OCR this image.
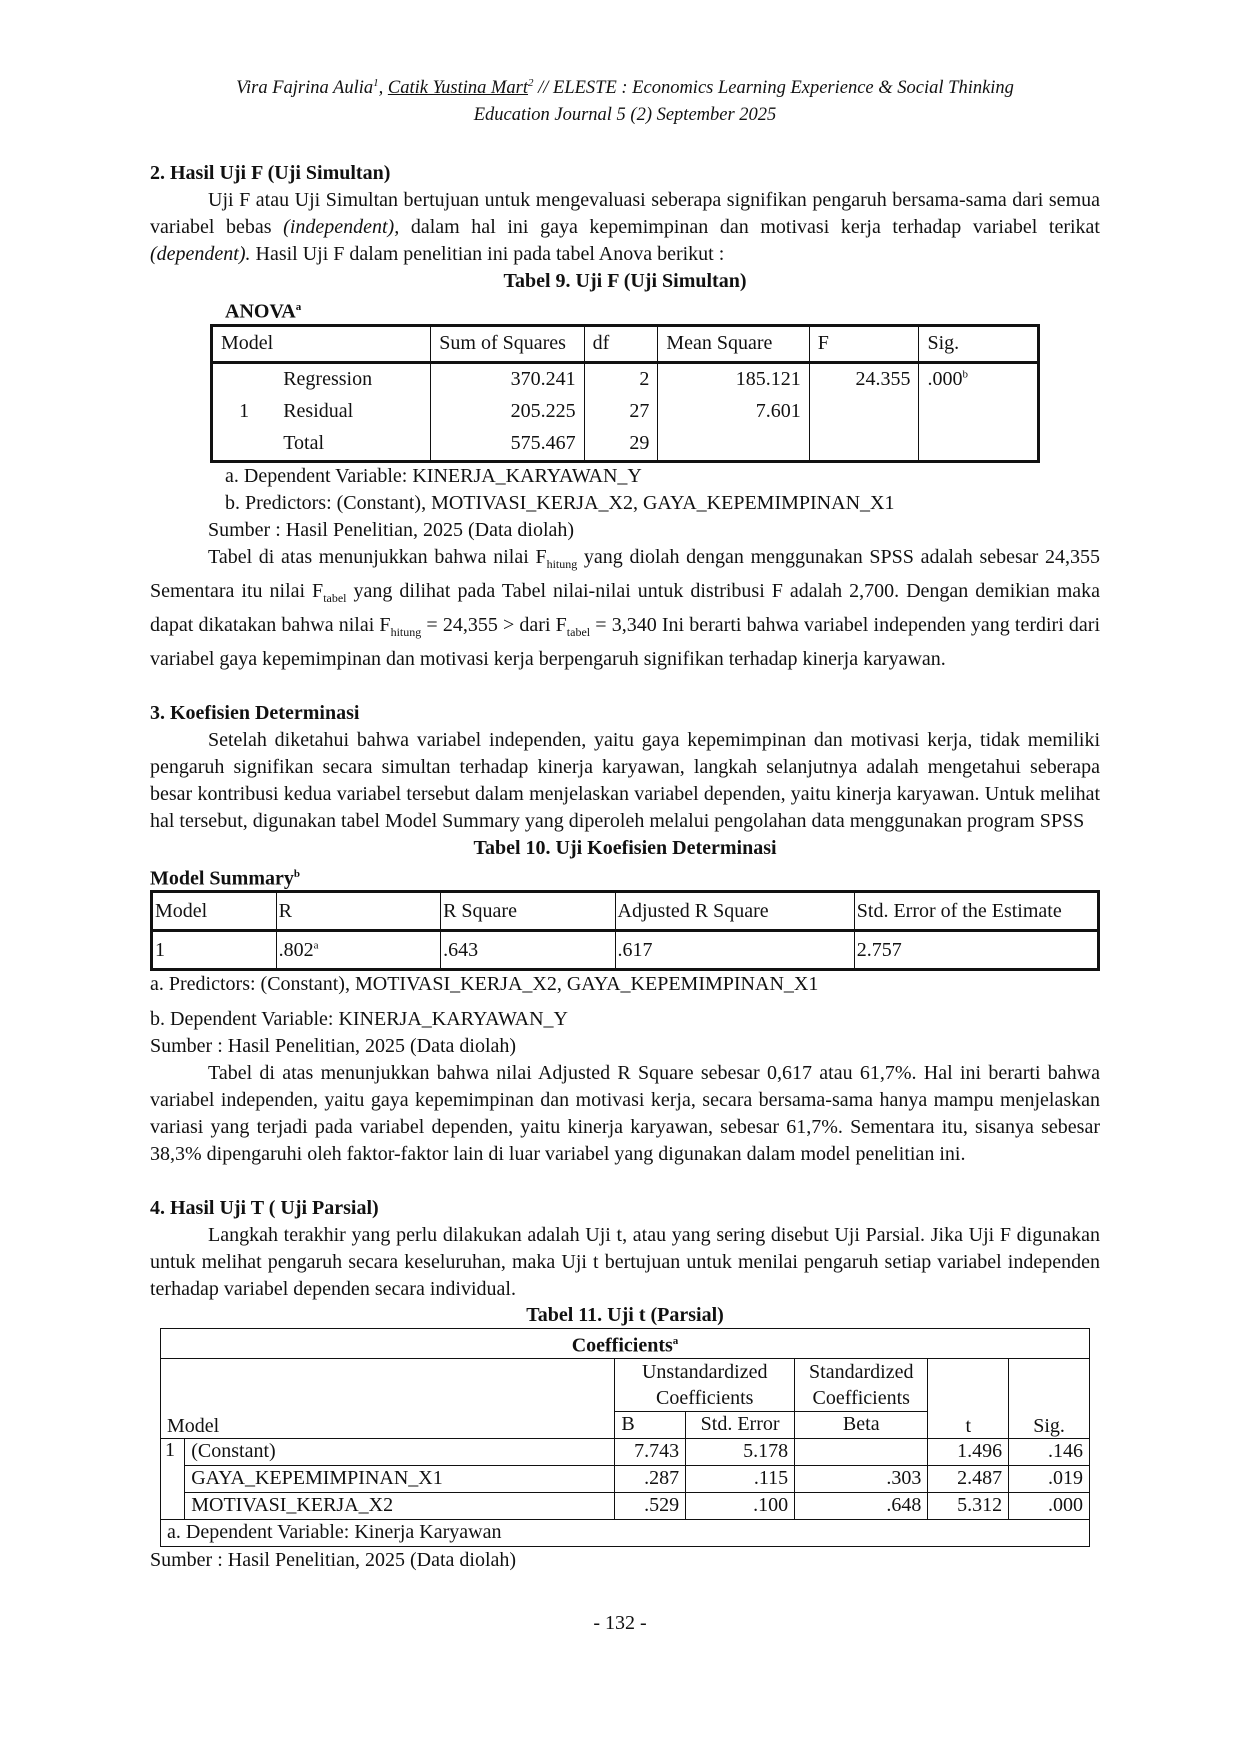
Vira Fajrina Aulia$^1$, Catik Yustina Mart$^2$ // ELESTE : Economics Learning Experience & Social Thinking
Education Journal 5 (2) September 2025
2. Hasil Uji F (Uji Simultan)

Uji F atau Uji Simultan bertujuan untuk mengevaluasi seberapa signifikan pengaruh bersama-sama dari semua variabel bebas (independent), dalam hal ini gaya kepemimpinan dan motivasi kerja terhadap variabel terikat (dependent). Hasil Uji F dalam penelitian ini pada tabel Anova berikut :

Tabel 9. Uji F (Uji Simultan)
ANOVA$^a$
Model		Sum of Squares	df	Mean Square	F	Sig.
1	Regression	370.241	2	185.121	24.355	.000$^b$
	Residual	205.225	27	7.601		
	Total	575.467	29			
a. Dependent Variable: KINERJA_KARYAWAN_Y
b. Predictors: (Constant), MOTIVASI_KERJA_X2, GAYA_KEPEMIMPINAN_X1
Sumber : Hasil Penelitian, 2025 (Data diolah)

Tabel di atas menunjukkan bahwa nilai $F_{hitung}$ yang diolah dengan menggunakan SPSS adalah sebesar 24,355 Sementara itu nilai $F_{tabel}$ yang dilihat pada Tabel nilai-nilai untuk distribusi F adalah 2,700. Dengan demikian maka dapat dikatakan bahwa nilai $F_{hitung} = 24,355$ > dari $F_{tabel} = 3,340$ Ini berarti bahwa variabel independen yang terdiri dari variabel gaya kepemimpinan dan motivasi kerja berpengaruh signifikan terhadap kinerja karyawan.

3. Koefisien Determinasi

Setelah diketahui bahwa variabel independen, yaitu gaya kepemimpinan dan motivasi kerja, tidak memiliki pengaruh signifikan secara simultan terhadap kinerja karyawan, langkah selanjutnya adalah mengetahui seberapa besar kontribusi kedua variabel tersebut dalam menjelaskan variabel dependen, yaitu kinerja karyawan. Untuk melihat hal tersebut, digunakan tabel Model Summary yang diperoleh melalui pengolahan data menggunakan program SPSS

Tabel 10. Uji Koefisien Determinasi
Model Summary$^b$
Model	R	R Square	Adjusted R Square	Std. Error of the Estimate
1	.802$^a$	.643	.617	2.757
a. Predictors: (Constant), MOTIVASI_KERJA_X2, GAYA_KEPEMIMPINAN_X1
b. Dependent Variable: KINERJA_KARYAWAN_Y
Sumber : Hasil Penelitian, 2025 (Data diolah)

Tabel di atas menunjukkan bahwa nilai Adjusted R Square sebesar 0,617 atau 61,7%. Hal ini berarti bahwa variabel independen, yaitu gaya kepemimpinan dan motivasi kerja, secara bersama-sama hanya mampu menjelaskan variasi yang terjadi pada variabel dependen, yaitu kinerja karyawan, sebesar 61,7%. Sementara itu, sisanya sebesar 38,3% dipengaruhi oleh faktor-faktor lain di luar variabel yang digunakan dalam model penelitian ini.

4. Hasil Uji T ( Uji Parsial)

Langkah terakhir yang perlu dilakukan adalah Uji t, atau yang sering disebut Uji Parsial. Jika Uji F digunakan untuk melihat pengaruh secara keseluruhan, maka Uji t bertujuan untuk menilai pengaruh setiap variabel independen terhadap variabel dependen secara individual.

Tabel 11. Uji t (Parsial)
Coefficients$^a$
Model		Unstandardized Coefficients		Standardized Coefficients	t	Sig.
		B	Std. Error	Beta		
1	(Constant)	7.743	5.178		1.496	.146
	GAYA_KEPEMIMPINAN_X1	.287	.115	.303	2.487	.019
	MOTIVASI_KERJA_X2	.529	.100	.648	5.312	.000
a. Dependent Variable: Kinerja Karyawan						
Sumber : Hasil Penelitian, 2025 (Data diolah)
- 132 -
